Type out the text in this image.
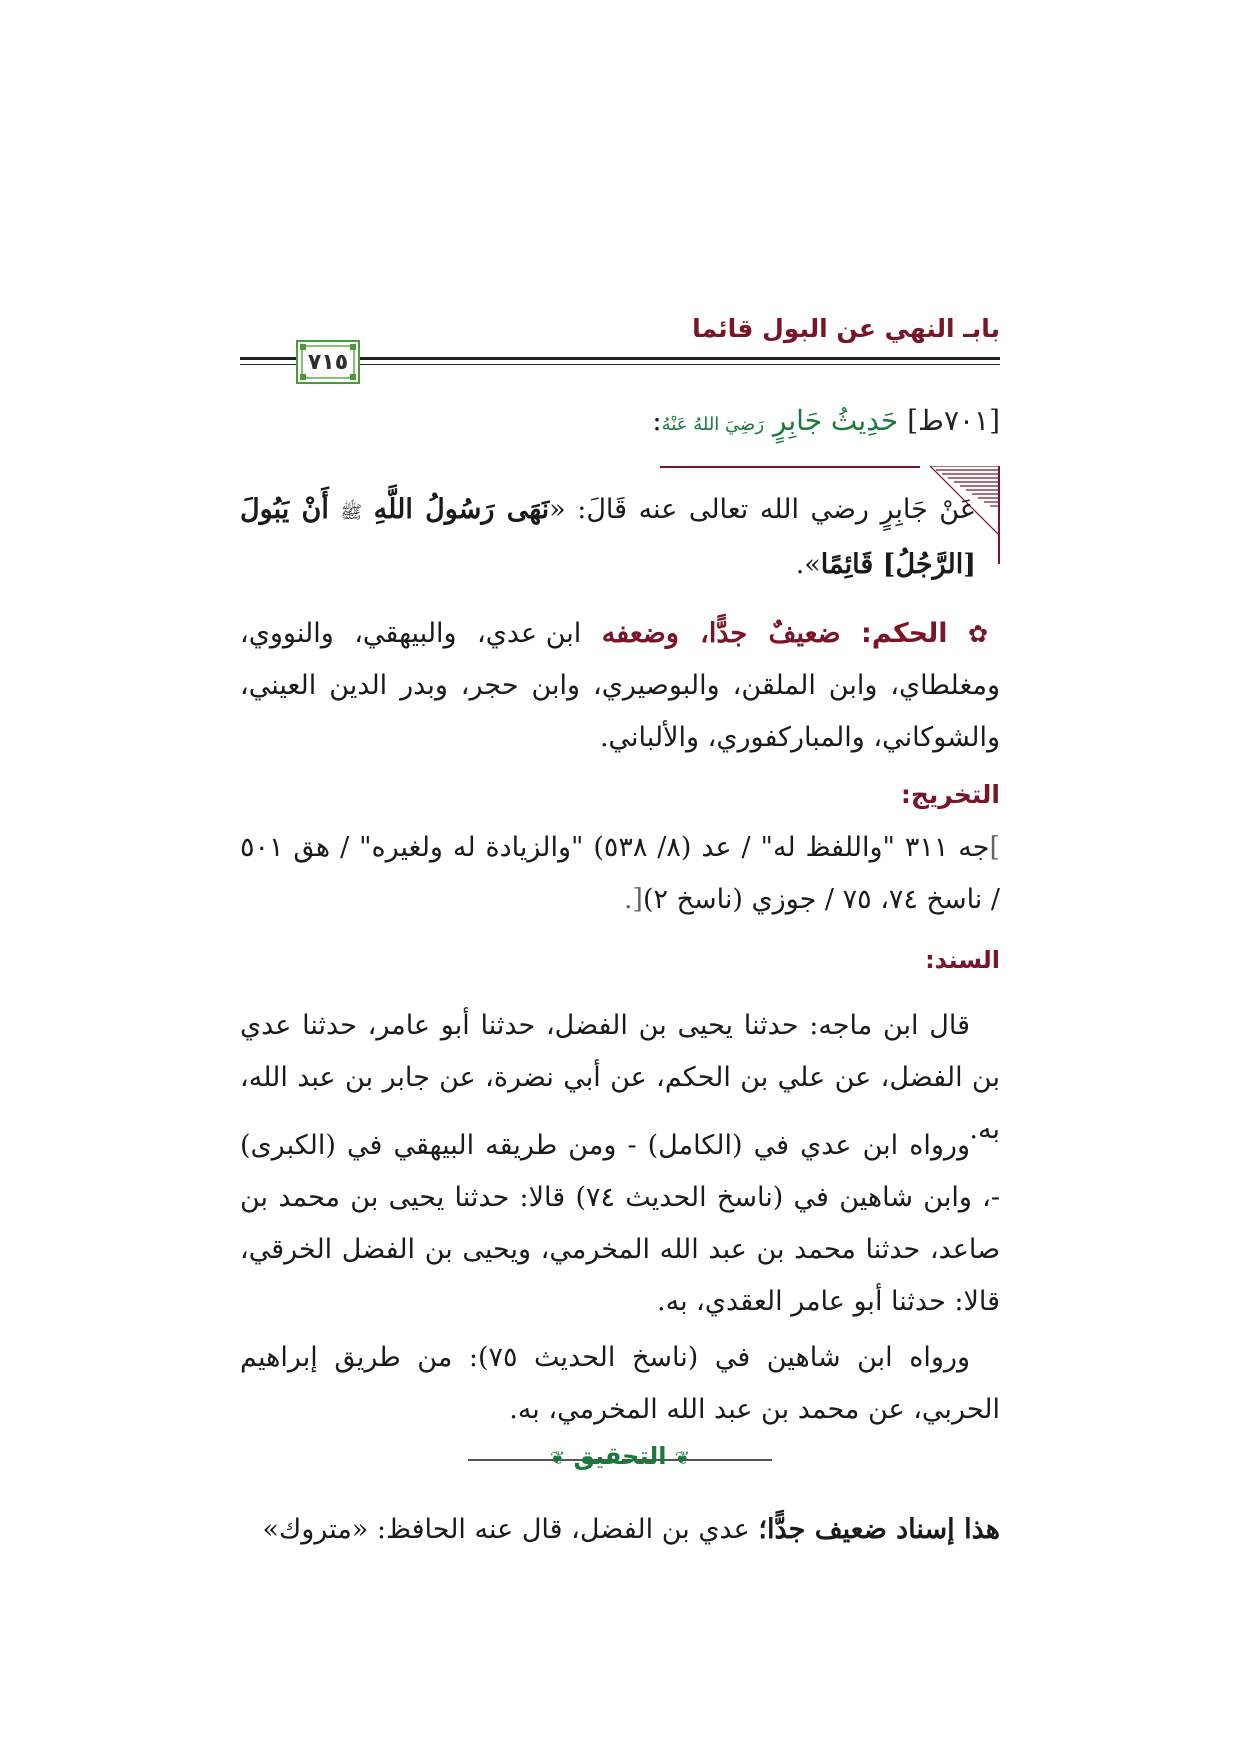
بابـ النهي عن البول قائما
٧١٥
[٧٠١ط] حَدِيثُ جَابِرٍ رَضِيَ اللهُ عَنْهُ:
عَنْ جَابِرٍ رضي الله تعالى عنه قَالَ: «نَهَى رَسُولُ اللَّهِ ﷺ أَنْ يَبُولَ [الرَّجُلُ] قَائِمًا».
✿ الحكم: ضعيفٌ جدًّا، وضعفه ابن عدي، والبيهقي، والنووي، ومغلطاي، وابن الملقن، والبوصيري، وابن حجر، وبدر الدين العيني، والشوكاني، والمباركفوري، والألباني.
التخريج:
]جه ٣١١ "واللفظ له" / عد (٨/ ٥٣٨) "والزيادة له ولغيره" / هق ٥٠١ / ناسخ ٧٤، ٧٥ / جوزي (ناسخ ٢)[.
السند:
قال ابن ماجه: حدثنا يحيى بن الفضل، حدثنا أبو عامر، حدثنا عدي بن الفضل، عن علي بن الحكم، عن أبي نضرة، عن جابر بن عبد الله، به.
ورواه ابن عدي في (الكامل) - ومن طريقه البيهقي في (الكبرى) -، وابن شاهين في (ناسخ الحديث ٧٤) قالا: حدثنا يحيى بن محمد بن صاعد، حدثنا محمد بن عبد الله المخرمي، ويحيى بن الفضل الخرقي، قالا: حدثنا أبو عامر العقدي، به.
ورواه ابن شاهين في (ناسخ الحديث ٧٥): من طريق إبراهيم الحربي، عن محمد بن عبد الله المخرمي، به.
❦ التحقيق ❦
هذا إسناد ضعيف جدًّا؛ عدي بن الفضل، قال عنه الحافظ: «متروك»
